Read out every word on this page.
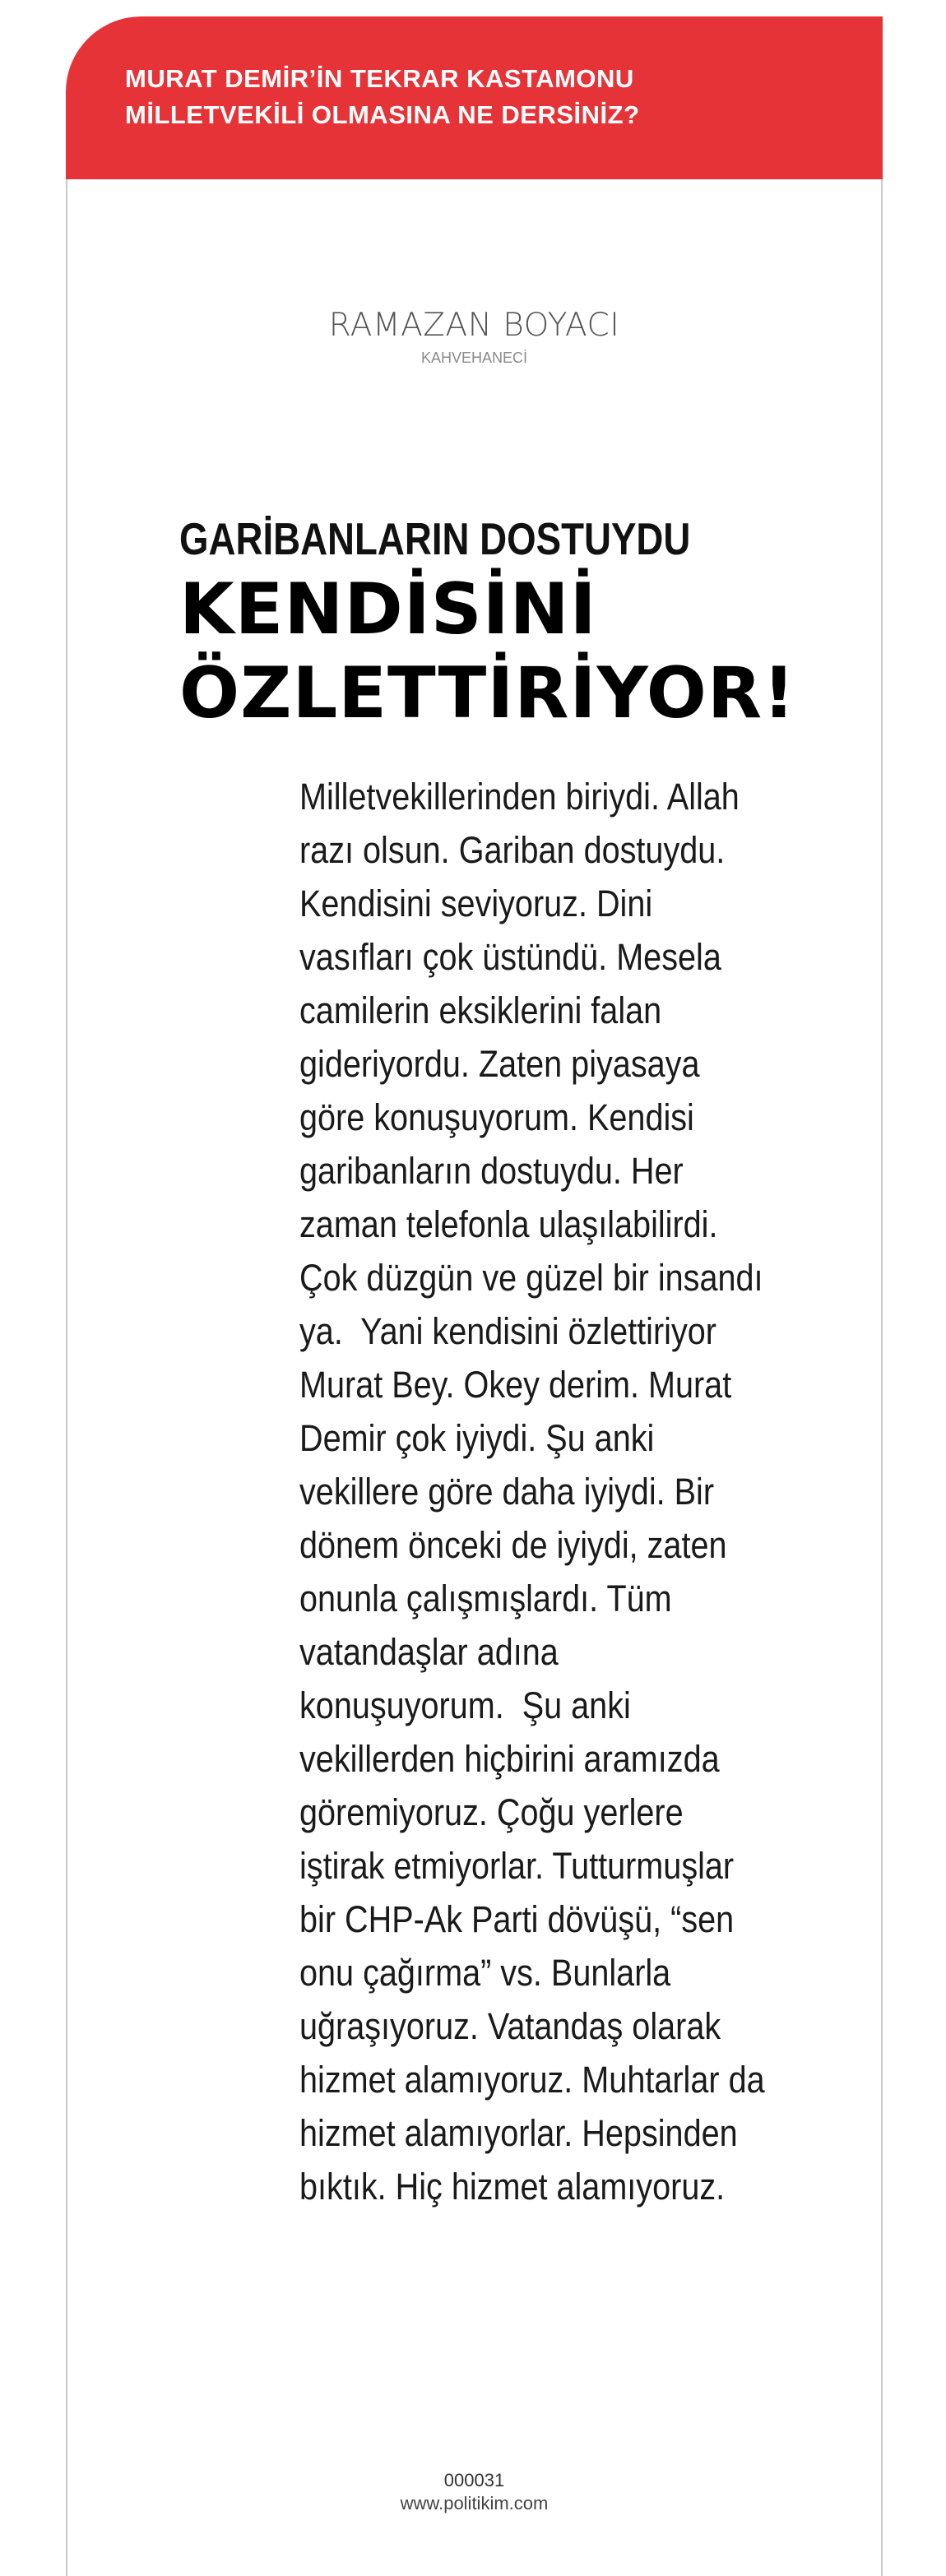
MURAT DEMİR’İN TEKRAR KASTAMONU
MİLLETVEKİLİ OLMASINA NE DERSİNİZ?
RAMAZAN BOYACI
KAHVEHANECİ
GARİBANLARIN DOSTUYDU
KENDİSİNİ
ÖZLETTİRİYOR!
Milletvekillerinden biriydi. Allah
razı olsun. Gariban dostuydu.
Kendisini seviyoruz. Dini
vasıfları çok üstündü. Mesela
camilerin eksiklerini falan
gideriyordu. Zaten piyasaya
göre konuşuyorum. Kendisi
garibanların dostuydu. Her
zaman telefonla ulaşılabilirdi.
Çok düzgün ve güzel bir insandı
ya.  Yani kendisini özlettiriyor
Murat Bey. Okey derim. Murat
Demir çok iyiydi. Şu anki
vekillere göre daha iyiydi. Bir
dönem önceki de iyiydi, zaten
onunla çalışmışlardı. Tüm
vatandaşlar adına
konuşuyorum.  Şu anki
vekillerden hiçbirini aramızda
göremiyoruz. Çoğu yerlere
iştirak etmiyorlar. Tutturmuşlar
bir CHP-Ak Parti dövüşü, “sen
onu çağırma” vs. Bunlarla
uğraşıyoruz. Vatandaş olarak
hizmet alamıyoruz. Muhtarlar da
hizmet alamıyorlar. Hepsinden
bıktık. Hiç hizmet alamıyoruz.
000031
www.politikim.com
